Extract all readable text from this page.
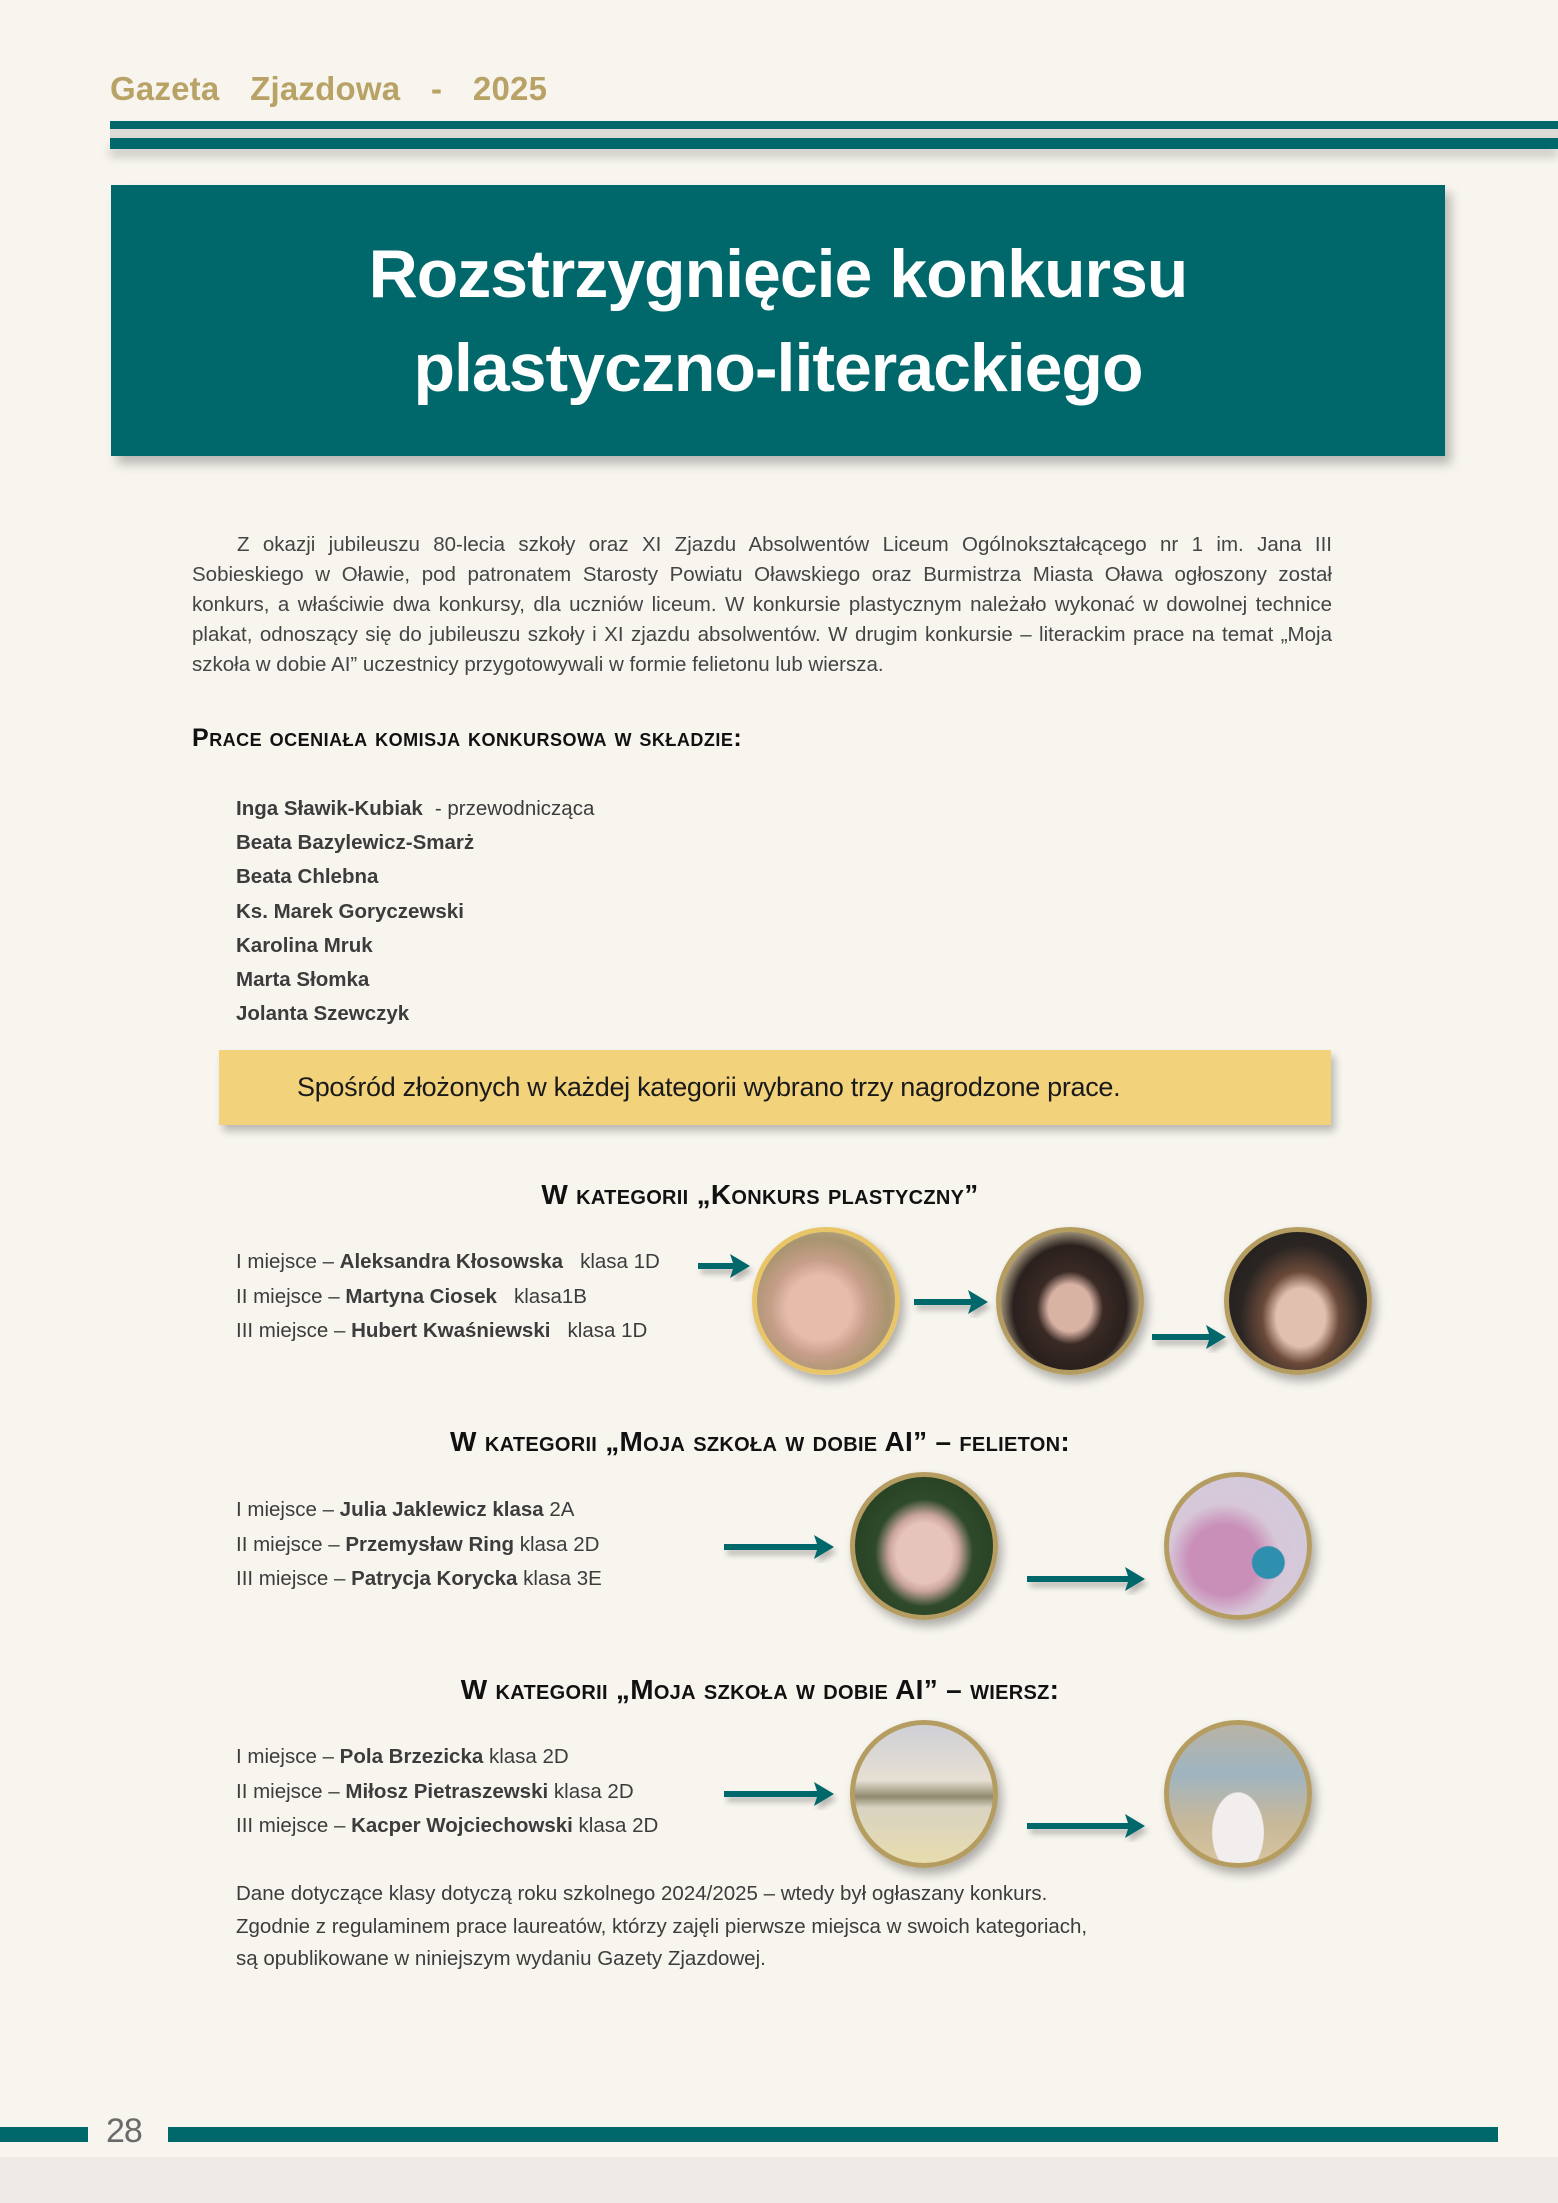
Gazeta  Zjazdowa  -  2025
Rozstrzygnięcie konkursu
plastyczno-literackiego

Z okazji jubileuszu 80-lecia szkoły oraz XI Zjazdu Absolwentów Liceum Ogólnokształcącego nr 1 im. Jana III Sobieskiego w Oławie, pod patronatem Starosty Powiatu Oławskiego oraz Burmistrza Miasta Oława ogłoszony został konkurs, a właściwie dwa konkursy, dla uczniów liceum. W konkursie plastycznym należało wykonać w dowolnej technice plakat, odnoszący się do jubileuszu szkoły i XI zjazdu absolwentów. W drugim konkursie – literackim prace na temat „Moja szkoła w dobie AI” uczestnicy przygotowywali w formie felietonu lub wiersza.

Prace oceniała komisja konkursowa w składzie:
Inga Sławik-Kubiak - przewodnicząca
Beata Bazylewicz-Smarż
Beata Chlebna
Ks. Marek Goryczewski
Karolina Mruk
Marta Słomka
Jolanta Szewczyk
Spośród złożonych w każdej kategorii wybrano trzy nagrodzone prace.
W kategorii „Konkurs plastyczny”
I miejsce – Aleksandra Kłosowska   klasa 1D
II miejsce – Martyna Ciosek   klasa1B
III miejsce – Hubert Kwaśniewski   klasa 1D
W kategorii „Moja szkoła w dobie AI” – felieton:
I miejsce – Julia Jaklewicz klasa 2A
II miejsce – Przemysław Ring klasa 2D
III miejsce – Patrycja Korycka klasa 3E
W kategorii „Moja szkoła w dobie AI” – wiersz:
I miejsce – Pola Brzezicka klasa 2D
II miejsce – Miłosz Pietraszewski klasa 2D
III miejsce – Kacper Wojciechowski klasa 2D
Dane dotyczące klasy dotyczą roku szkolnego 2024/2025 – wtedy był ogłaszany konkurs.
Zgodnie z regulaminem prace laureatów, którzy zajęli pierwsze miejsca w swoich kategoriach,
są opublikowane w niniejszym wydaniu Gazety Zjazdowej.
28
